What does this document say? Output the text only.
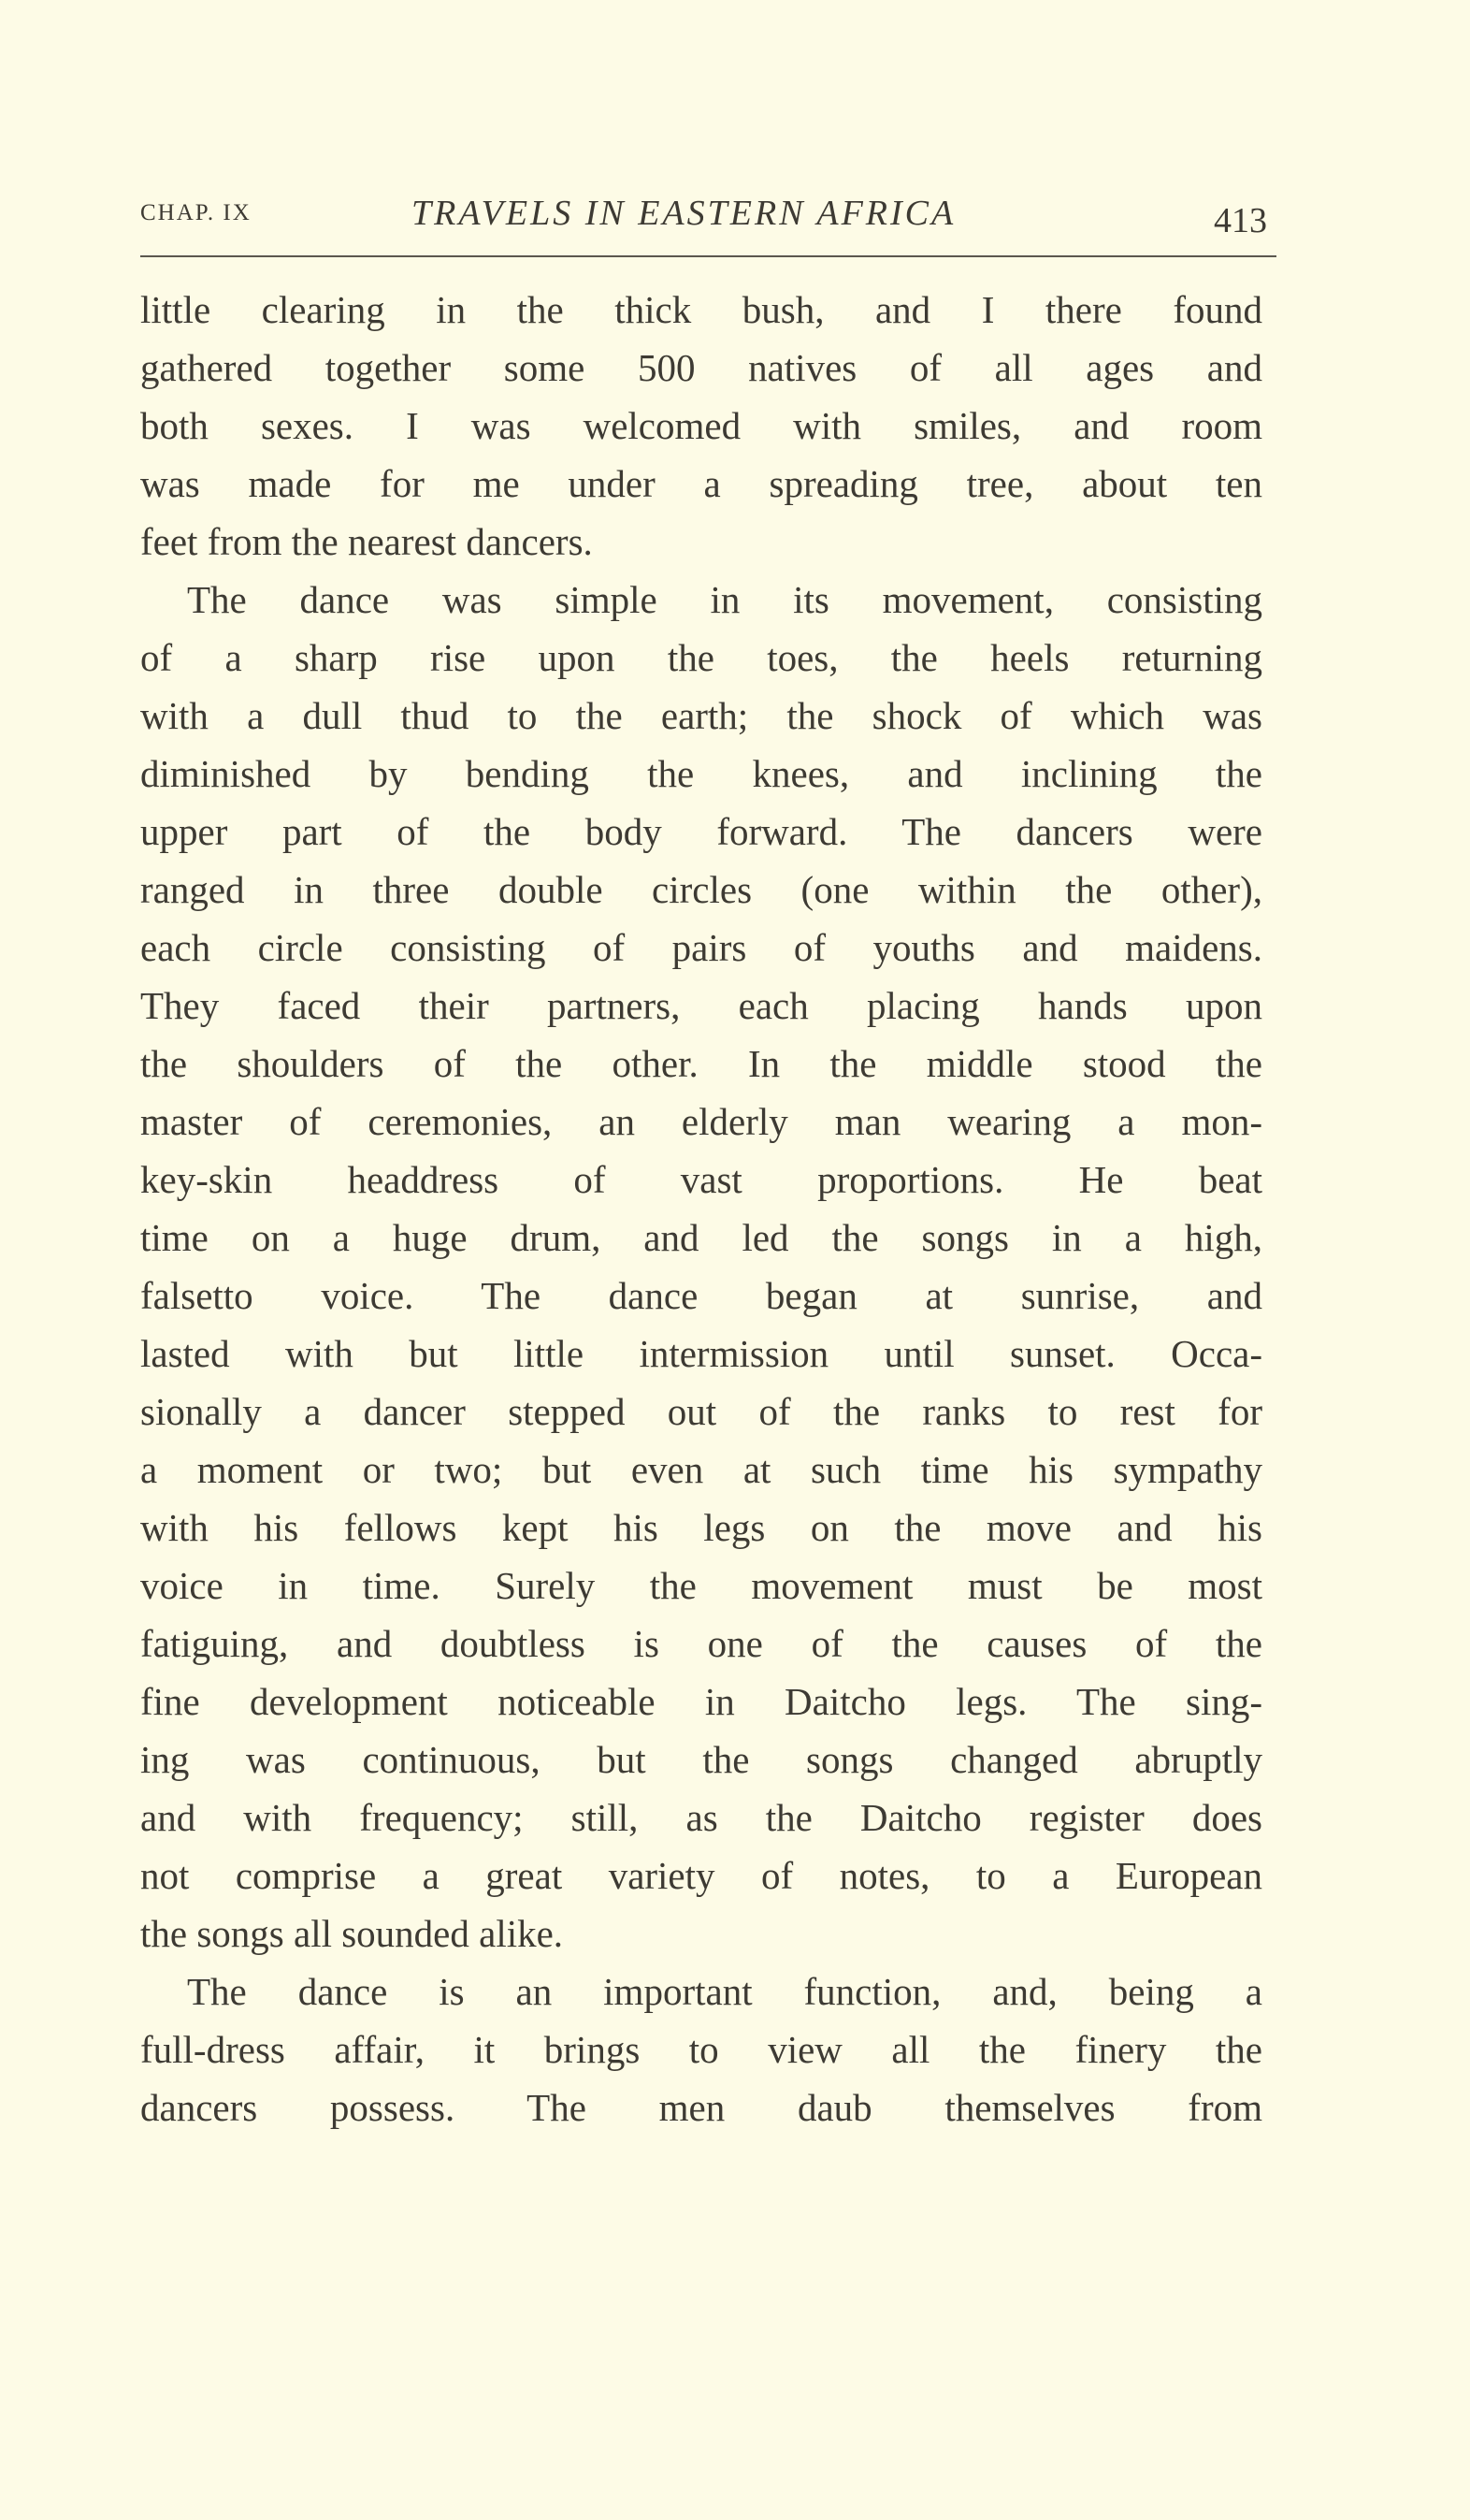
CHAP. IX	TRAVELS IN EASTERN AFRICA	413
little clearing in the thick bush, and I there found
gathered together some 500 natives of all ages and
both sexes. I was welcomed with smiles, and room
was made for me under a spreading tree, about ten
feet from the nearest dancers.
The dance was simple in its movement, consisting
of a sharp rise upon the toes, the heels returning
with a dull thud to the earth; the shock of which was
diminished by bending the knees, and inclining the
upper part of the body forward. The dancers were
ranged in three double circles (one within the other),
each circle consisting of pairs of youths and maidens.
They faced their partners, each placing hands upon
the shoulders of the other. In the middle stood the
master of ceremonies, an elderly man wearing a mon-
key-skin headdress of vast proportions. He beat
time on a huge drum, and led the songs in a high,
falsetto voice. The dance began at sunrise, and
lasted with but little intermission until sunset. Occa-
sionally a dancer stepped out of the ranks to rest for
a moment or two; but even at such time his sympathy
with his fellows kept his legs on the move and his
voice in time. Surely the movement must be most
fatiguing, and doubtless is one of the causes of the
fine development noticeable in Daitcho legs. The sing-
ing was continuous, but the songs changed abruptly
and with frequency; still, as the Daitcho register does
not comprise a great variety of notes, to a European
the songs all sounded alike.
The dance is an important function, and, being a
full-dress affair, it brings to view all the finery the
dancers possess. The men daub themselves from
